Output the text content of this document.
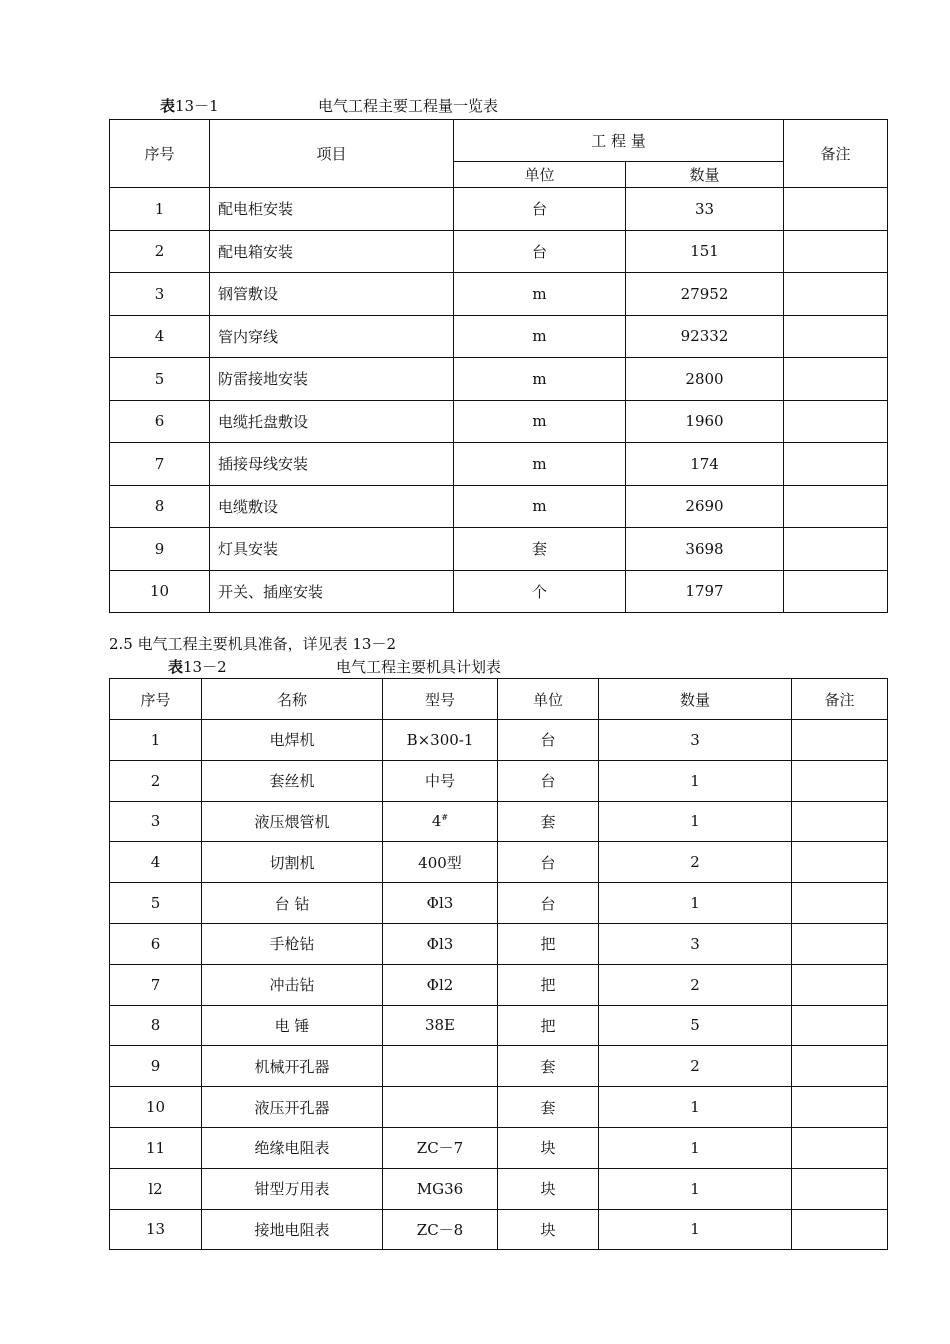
表13－1	电气工程主要工程量一览表
序号	项目	工 程 量		备注
		单位	数量	
1	配电柜安装	台	33	
2	配电箱安装	台	151	
3	钢管敷设	m	27952	
4	管内穿线	m	92332	
5	防雷接地安装	m	2800	
6	电缆托盘敷设	m	1960	
7	插接母线安装	m	174	
8	电缆敷设	m	2690	
9	灯具安装	套	3698	
10	开关、插座安装	个	1797	
2.5 电气工程主要机具准备，详见表 13－2
表13－2	电气工程主要机具计划表
序号	名称	型号	单位	数量	备注
1	电焊机	B×300-1	台	3	
2	套丝机	中号	台	1	
3	液压煨管机	4#	套	1	
4	切割机	400型	台	2	
5	台 钻	Φl3	台	1	
6	手枪钻	Φl3	把	3	
7	冲击钻	Φl2	把	2	
8	电 锤	38E	把	5	
9	机械开孔器		套	2	
10	液压开孔器		套	1	
11	绝缘电阻表	ZC－7	块	1	
l2	钳型万用表	MG36	块	1	
13	接地电阻表	ZC－8	块	1	
